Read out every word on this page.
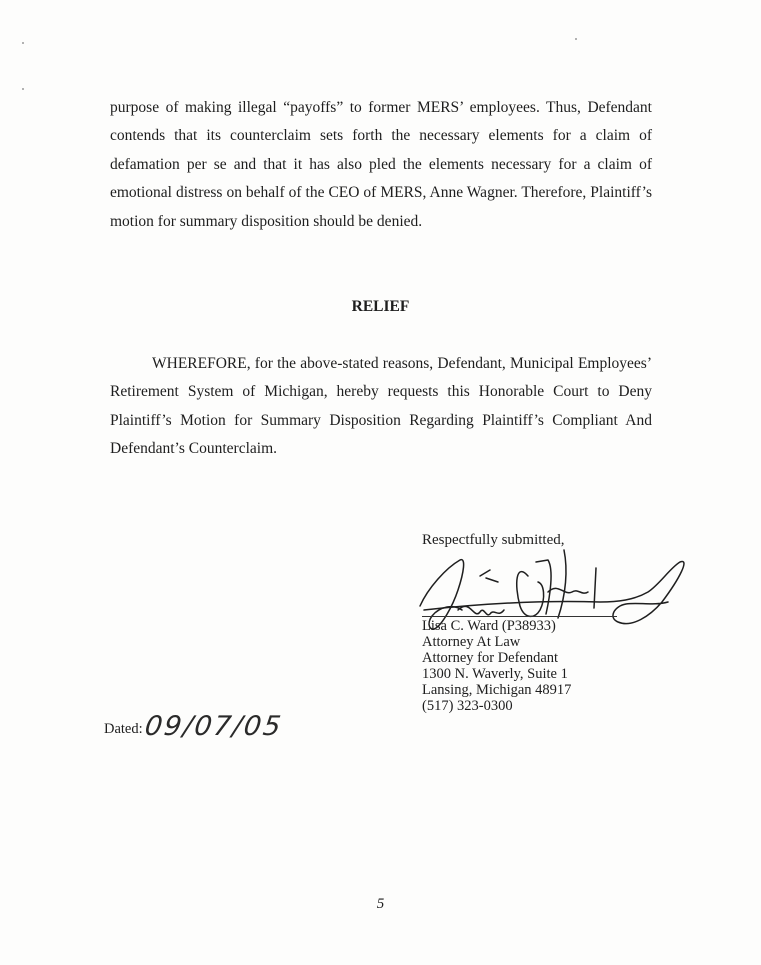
purpose of making illegal “payoffs” to former MERS’ employees. Thus, Defendant contends that its counterclaim sets forth the necessary elements for a claim of defamation per se and that it has also pled the elements necessary for a claim of emotional distress on behalf of the CEO of MERS, Anne Wagner. Therefore, Plaintiff’s motion for summary disposition should be denied.

RELIEF

WHEREFORE, for the above-stated reasons, Defendant, Municipal Employees’ Retirement System of Michigan, hereby requests this Honorable Court to Deny Plaintiff’s Motion for Summary Disposition Regarding Plaintiff’s Compliant And Defendant’s Counterclaim.

Respectfully submitted,
Lisa C. Ward (P38933)
Attorney At Law
Attorney for Defendant
1300 N. Waverly, Suite 1
Lansing, Michigan 48917
(517) 323-0300
Dated: 09/07/05
5
